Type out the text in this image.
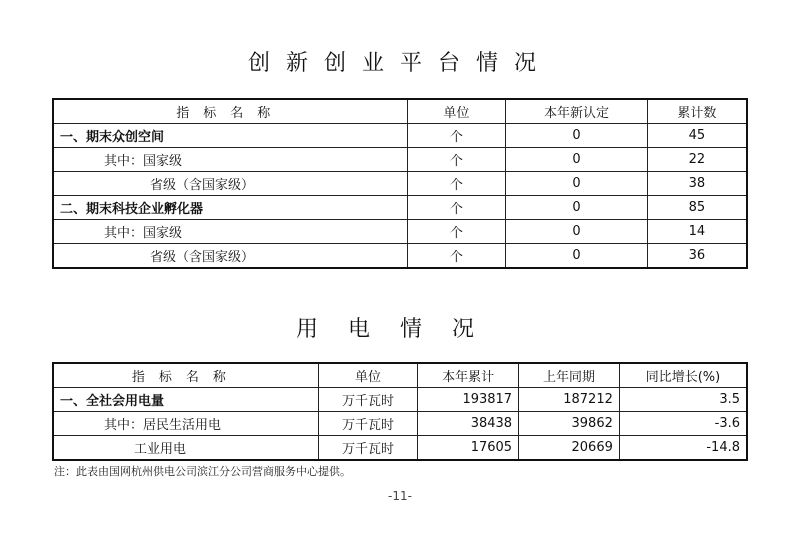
创新创业平台情况
指标名称	单位	本年新认定	累计数
一、期末众创空间	个	0	45
其中：国家级	个	0	22
省级（含国家级）	个	0	38
二、期末科技企业孵化器	个	0	85
其中：国家级	个	0	14
省级（含国家级）	个	0	36
用电情况
指标名称	单位	本年累计	上年同期	同比增长(%)
一、全社会用电量	万千瓦时	193817	187212	3.5
其中：居民生活用电	万千瓦时	38438	39862	-3.6
工业用电	万千瓦时	17605	20669	-14.8
注：此表由国网杭州供电公司滨江分公司营商服务中心提供。
-11-
